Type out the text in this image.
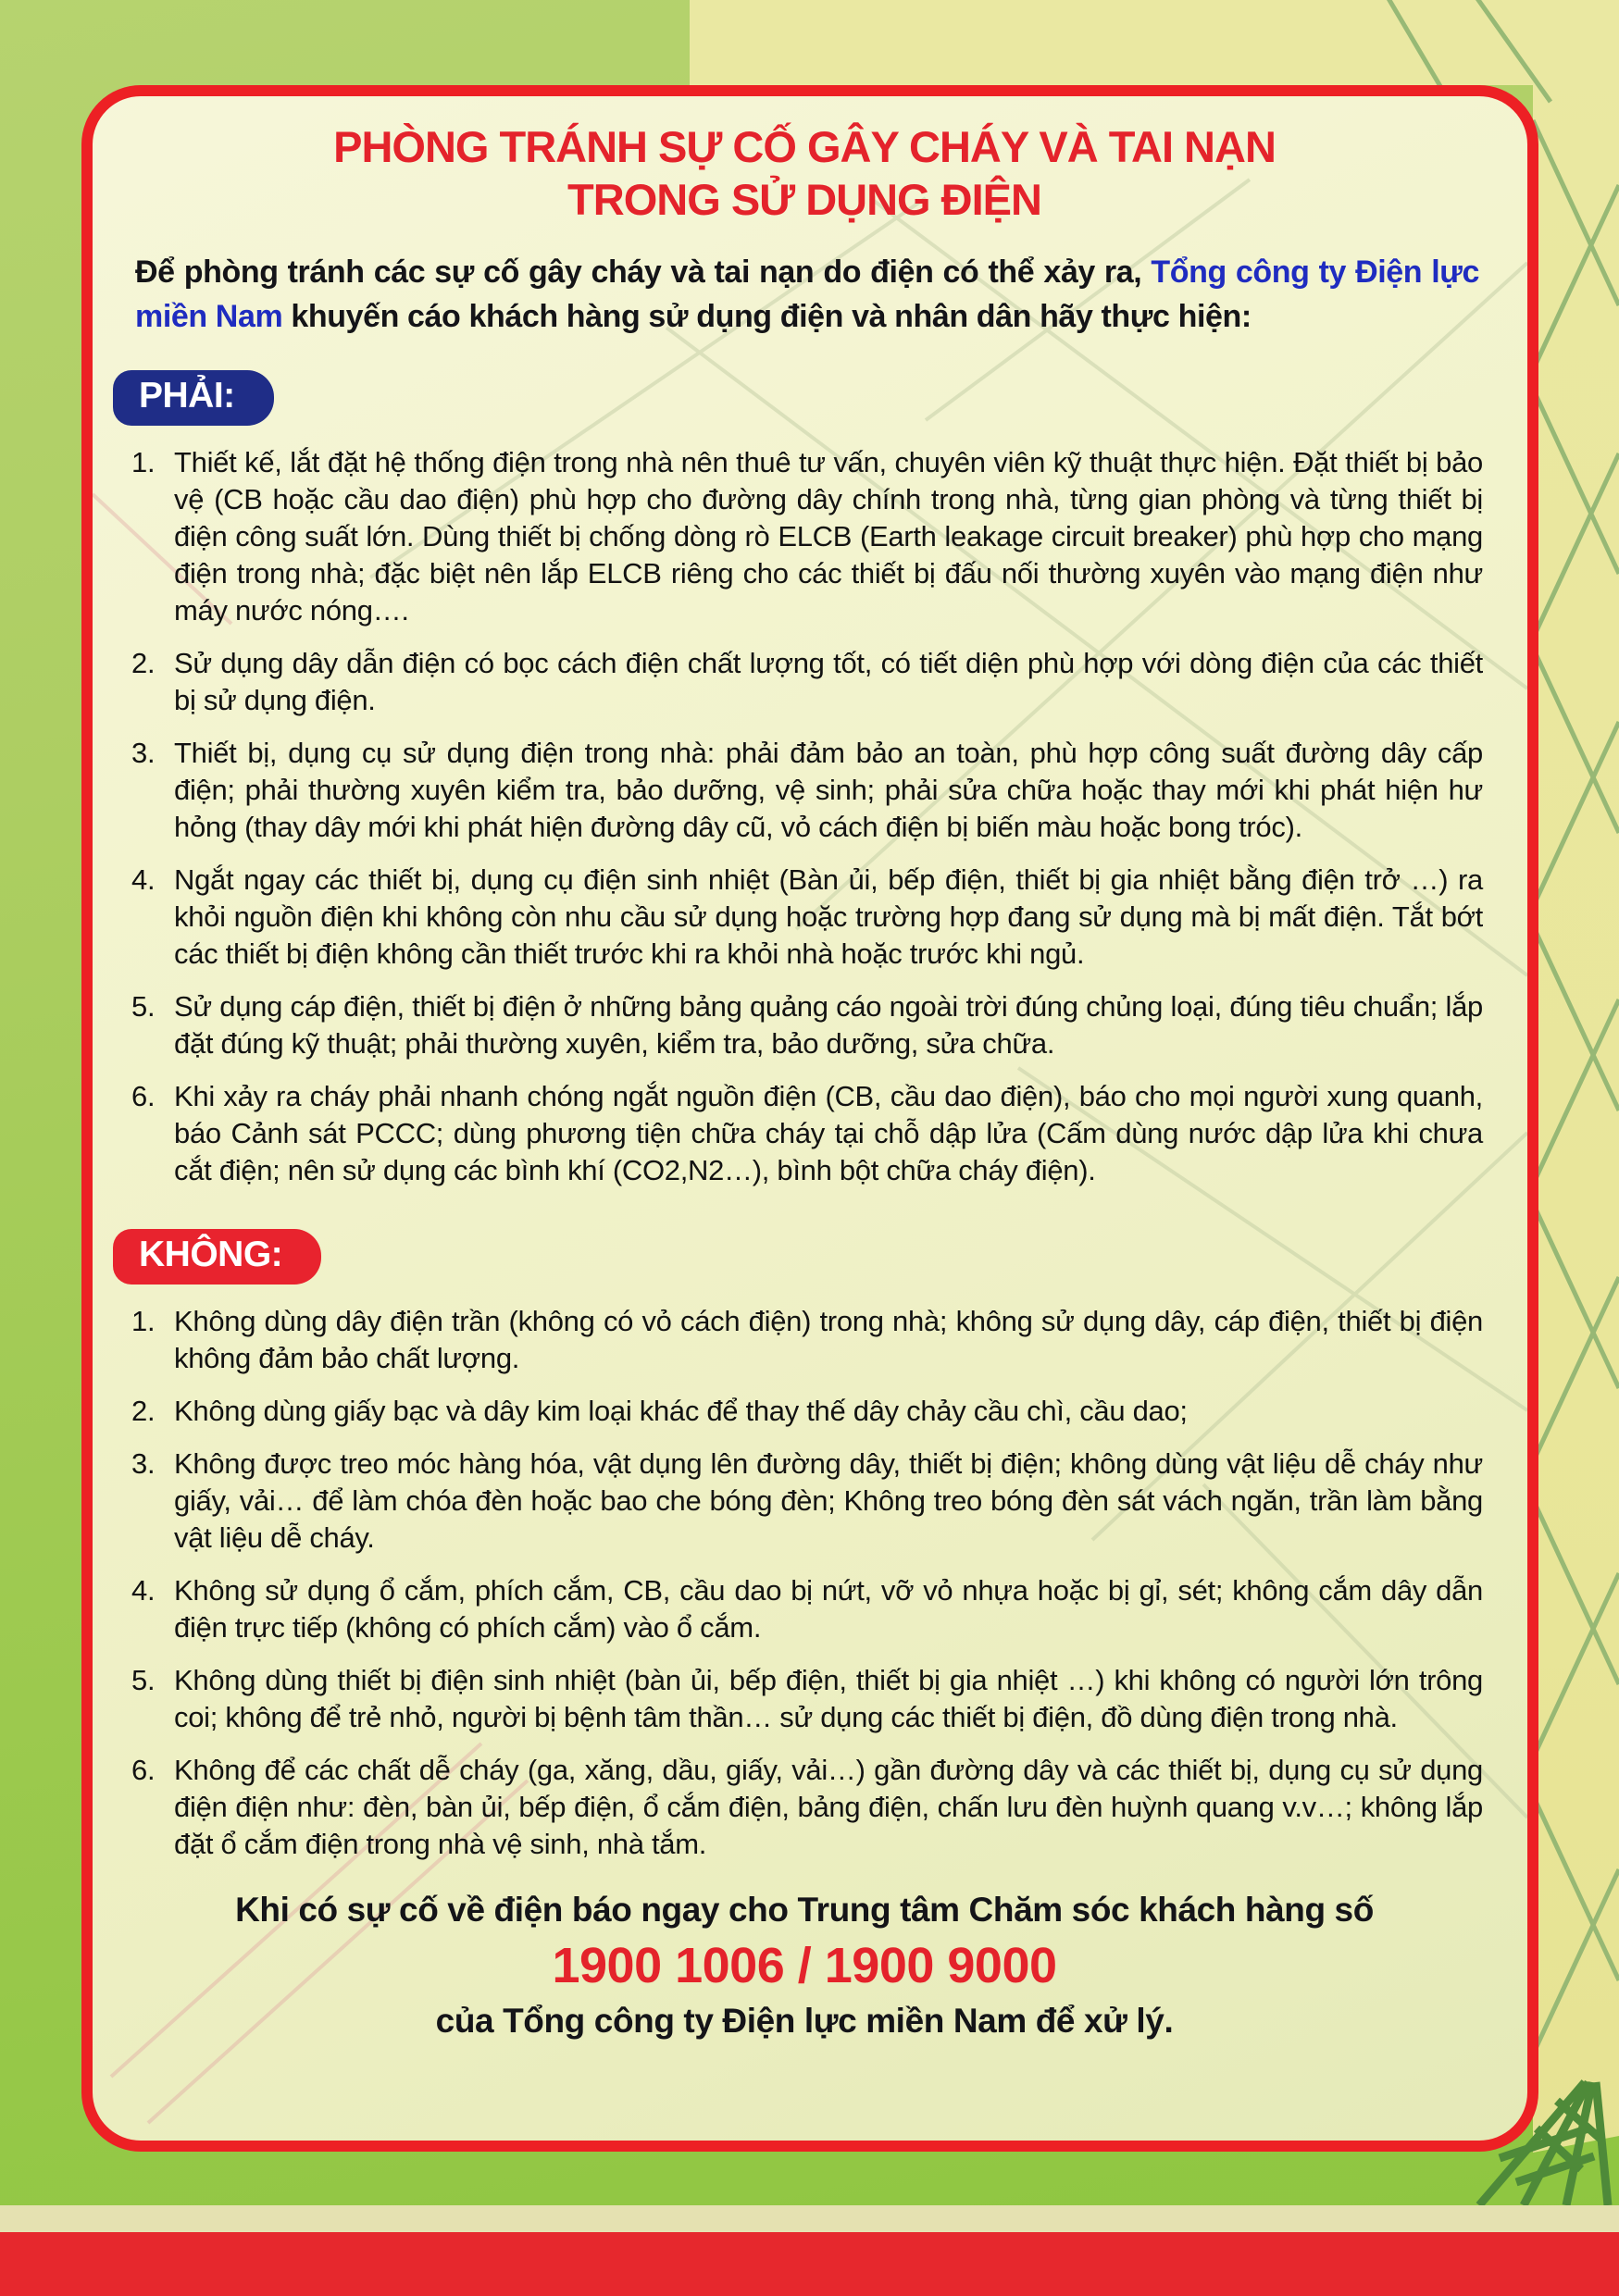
PHÒNG TRÁNH SỰ CỐ GÂY CHÁY VÀ TAI NẠN
TRONG SỬ DỤNG ĐIỆN

Để phòng tránh các sự cố gây cháy và tai nạn do điện có thể xảy ra, Tổng công ty Điện lực miền Nam khuyến cáo khách hàng sử dụng điện và nhân dân hãy thực hiện:

PHẢI:
1. Thiết kế, lắt đặt hệ thống điện trong nhà nên thuê tư vấn, chuyên viên kỹ thuật thực hiện. Đặt thiết bị bảo vệ (CB hoặc cầu dao điện) phù hợp cho đường dây chính trong nhà, từng gian phòng và từng thiết bị điện công suất lớn. Dùng thiết bị chống dòng rò ELCB (Earth leakage circuit breaker) phù hợp cho mạng điện trong nhà; đặc biệt nên lắp ELCB riêng cho các thiết bị đấu nối thường xuyên vào mạng điện như máy nước nóng….
2. Sử dụng dây dẫn điện có bọc cách điện chất lượng tốt, có tiết diện phù hợp với dòng điện của các thiết bị sử dụng điện.
3. Thiết bị, dụng cụ sử dụng điện trong nhà: phải đảm bảo an toàn, phù hợp công suất đường dây cấp điện; phải thường xuyên kiểm tra, bảo dưỡng, vệ sinh; phải sửa chữa hoặc thay mới khi phát hiện hư hỏng (thay dây mới khi phát hiện đường dây cũ, vỏ cách điện bị biến màu hoặc bong tróc).
4. Ngắt ngay các thiết bị, dụng cụ điện sinh nhiệt (Bàn ủi, bếp điện, thiết bị gia nhiệt bằng điện trở …) ra khỏi nguồn điện khi không còn nhu cầu sử dụng hoặc trường hợp đang sử dụng mà bị mất điện. Tắt bớt các thiết bị điện không cần thiết trước khi ra khỏi nhà hoặc trước khi ngủ.
5. Sử dụng cáp điện, thiết bị điện ở những bảng quảng cáo ngoài trời đúng chủng loại, đúng tiêu chuẩn; lắp đặt đúng kỹ thuật; phải thường xuyên, kiểm tra, bảo dưỡng, sửa chữa.
6. Khi xảy ra cháy phải nhanh chóng ngắt nguồn điện (CB, cầu dao điện), báo cho mọi người xung quanh, báo Cảnh sát PCCC; dùng phương tiện chữa cháy tại chỗ dập lửa (Cấm dùng nước dập lửa khi chưa cắt điện; nên sử dụng các bình khí (CO2,N2…), bình bột chữa cháy điện).
KHÔNG:
1. Không dùng dây điện trần (không có vỏ cách điện) trong nhà; không sử dụng dây, cáp điện, thiết bị điện không đảm bảo chất lượng.
2. Không dùng giấy bạc và dây kim loại khác để thay thế dây chảy cầu chì, cầu dao;
3. Không được treo móc hàng hóa, vật dụng lên đường dây, thiết bị điện; không dùng vật liệu dễ cháy như giấy, vải… để làm chóa đèn hoặc bao che bóng đèn; Không treo bóng đèn sát vách ngăn, trần làm bằng vật liệu dễ cháy.
4. Không sử dụng ổ cắm, phích cắm, CB, cầu dao bị nứt, vỡ vỏ nhựa hoặc bị gỉ, sét; không cắm dây dẫn điện trực tiếp (không có phích cắm) vào ổ cắm.
5. Không dùng thiết bị điện sinh nhiệt (bàn ủi, bếp điện, thiết bị gia nhiệt …) khi không có người lớn trông coi; không để trẻ nhỏ, người bị bệnh tâm thần… sử dụng các thiết bị điện, đồ dùng điện trong nhà.
6. Không để các chất dễ cháy (ga, xăng, dầu, giấy, vải…) gần đường dây và các thiết bị, dụng cụ sử dụng điện điện như: đèn, bàn ủi, bếp điện, ổ cắm điện, bảng điện, chấn lưu đèn huỳnh quang v.v…; không lắp đặt ổ cắm điện trong nhà vệ sinh, nhà tắm.
Khi có sự cố về điện báo ngay cho Trung tâm Chăm sóc khách hàng số
1900 1006 / 1900 9000
của Tổng công ty Điện lực miền Nam để xử lý.
